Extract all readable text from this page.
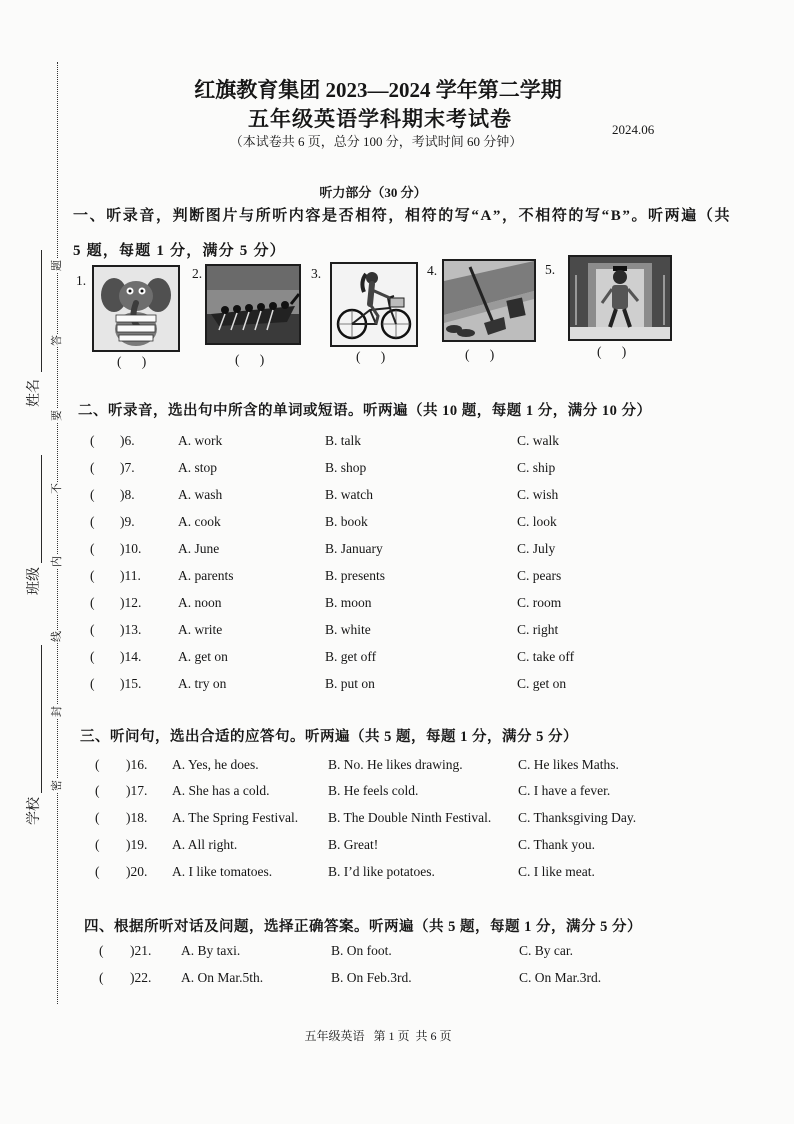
题
答
要
不
内
线
封
密
姓名
班级
学校
红旗教育集团 2023—2024 学年第二学期
五年级英语学科期末考试卷
（本试卷共 6 页，总分 100 分，考试时间 60 分钟）
2024.06
听力部分（30 分）
一、听录音，判断图片与所听内容是否相符，相符的写“A”，不相符的写“B”。听两遍（共
5 题，每题 1 分，满分 5 分）
1.
(      )
2.
(      )
3.
(      )
4.
(      )
5.
(      )
二、听录音，选出句中所含的单词或短语。听两遍（共 10 题，每题 1 分，满分 10 分）
三、听问句，选出合适的应答句。听两遍（共 5 题，每题 1 分，满分 5 分）
四、根据所听对话及问题，选择正确答案。听两遍（共 5 题，每题 1 分，满分 5 分）
( )6.	A. work	B. talk	C. walk
( )7.	A. stop	B. shop	C. ship
( )8.	A. wash	B. watch	C. wish
( )9.	A. cook	B. book	C. look
( )10.	A. June	B. January	C. July
( )11.	A. parents	B. presents	C. pears
( )12.	A. noon	B. moon	C. room
( )13.	A. write	B. white	C. right
( )14.	A. get on	B. get off	C. take off
( )15.	A. try on	B. put on	C. get on
( )16. A. Yes, he does.	B. No. He likes drawing.	C. He likes Maths.
( )17. A. She has a cold.	B. He feels cold.	C. I have a fever.
( )18. A. The Spring Festival. B. The Double Ninth Festival. C. Thanksgiving Day.
( )19. A. All right.	B. Great!	C. Thank you.
( )20. A. I like tomatoes.	B. I’d like potatoes.	C. I like meat.
( )21. A. By taxi.	B. On foot.	C. By car.
( )22. A. On Mar.5th.	B. On Feb.3rd.	C. On Mar.3rd.
五年级英语   第 1 页  共 6 页
